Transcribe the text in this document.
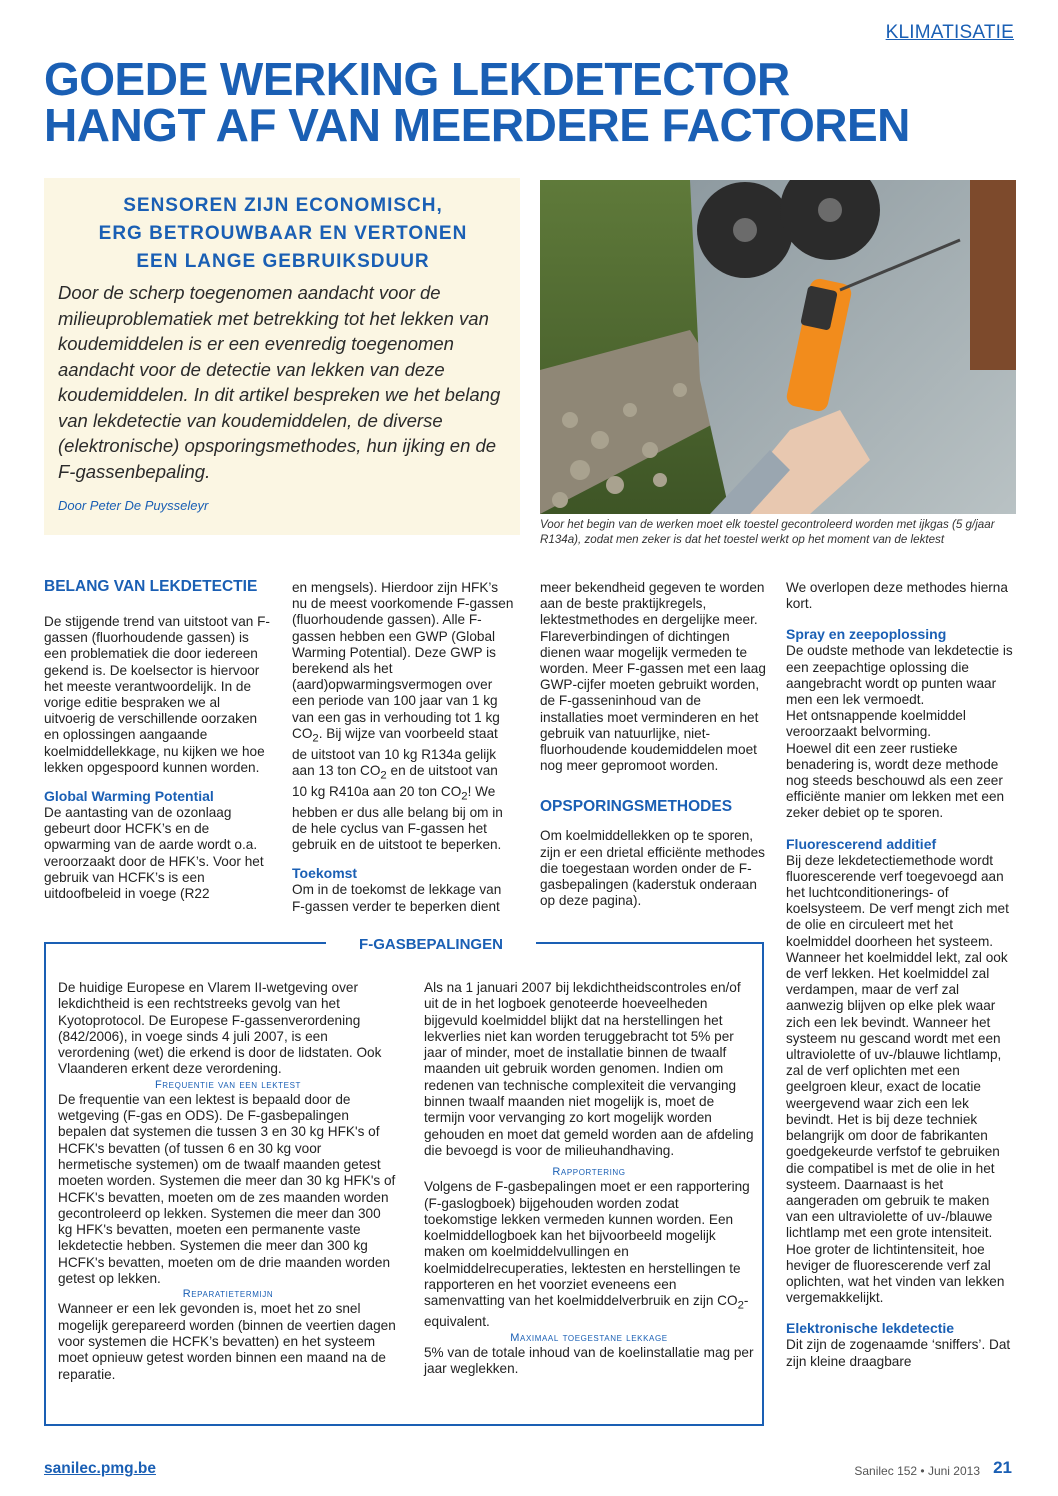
KLIMATISATIE
GOEDE WERKING LEKDETECTOR
HANGT AF VAN MEERDERE FACTOREN
SENSOREN ZIJN ECONOMISCH,
ERG BETROUWBAAR EN VERTONEN
EEN LANGE GEBRUIKSDUUR

Door de scherp toegenomen aandacht voor de milieuproblematiek met betrekking tot het lekken van koudemiddelen is er een evenredig toegenomen aandacht voor de detectie van lekken van deze koudemiddelen. In dit artikel bespreken we het belang van lekdetectie van koudemiddelen, de diverse (elektronische) opsporingsmethodes, hun ijking en de F-gassenbepaling.

Door Peter De Puysseleyr

Voor het begin van de werken moet elk toestel gecontroleerd worden met ijkgas (5 g/jaar R134a), zodat men zeker is dat het toestel werkt op het moment van de lektest

BELANG VAN LEKDETECTIE

De stijgende trend van uitstoot van F-gassen (fluorhoudende gassen) is een problematiek die door iedereen gekend is. De koelsector is hiervoor het meeste verantwoordelijk. In de vorige editie bespraken we al uitvoerig de verschillende oorzaken en oplossingen aangaande koelmiddellekkage, nu kijken we hoe lekken opgespoord kunnen worden.

Global Warming Potential

De aantasting van de ozonlaag gebeurt door HCFK’s en de opwarming van de aarde wordt o.a. veroorzaakt door de HFK’s. Voor het gebruik van HCFK’s is een uitdoofbeleid in voege (R22

en mengsels). Hierdoor zijn HFK’s nu de meest voorkomende F-gassen (fluorhoudende gassen). Alle F-gassen hebben een GWP (Global Warming Potential). Deze GWP is berekend als het (aard)opwarmingsvermogen over een periode van 100 jaar van 1 kg van een gas in verhouding tot 1 kg $CO_2$. Bij wijze van voorbeeld staat de uitstoot van 10 kg R134a gelijk aan 13 ton $CO_2$ en de uitstoot van 10 kg R410a aan 20 ton $CO_2$! We hebben er dus alle belang bij om in de hele cyclus van F-gassen het gebruik en de uitstoot te beperken.

Toekomst

Om in de toekomst de lekkage van F-gassen verder te beperken dient

meer bekendheid gegeven te worden aan de beste praktijkregels, lektestmethodes en dergelijke meer. Flareverbindingen of dichtingen dienen waar mogelijk vermeden te worden. Meer F-gassen met een laag GWP-cijfer moeten gebruikt worden, de F-gasseninhoud van de installaties moet verminderen en het gebruik van natuurlijke, niet-fluorhoudende koudemiddelen moet nog meer gepromoot worden.

OPSPORINGSMETHODES

Om koelmiddellekken op te sporen, zijn er een drietal efficiënte methodes die toegestaan worden onder de F-gasbepalingen (kaderstuk onderaan op deze pagina).

We overlopen deze methodes hierna kort.

Spray en zeepoplossing

De oudste methode van lekdetectie is een zeepachtige oplossing die aangebracht wordt op punten waar men een lek vermoedt.

Het ontsnappende koelmiddel veroorzaakt belvorming.

Hoewel dit een zeer rustieke benadering is, wordt deze methode nog steeds beschouwd als een zeer efficiënte manier om lekken met een zeker debiet op te sporen.

Fluorescerend additief

Bij deze lekdetectiemethode wordt fluorescerende verf toegevoegd aan het luchtconditionerings- of koelsysteem. De verf mengt zich met de olie en circuleert met het koelmiddel doorheen het systeem. Wanneer het koelmiddel lekt, zal ook de verf lekken. Het koelmiddel zal verdampen, maar de verf zal aanwezig blijven op elke plek waar zich een lek bevindt. Wanneer het systeem nu gescand wordt met een ultraviolette of uv-/blauwe lichtlamp, zal de verf oplichten met een geelgroen kleur, exact de locatie weergevend waar zich een lek bevindt. Het is bij deze techniek belangrijk om door de fabrikanten goedgekeurde verfstof te gebruiken die compatibel is met de olie in het systeem. Daarnaast is het aangeraden om gebruik te maken van een ultraviolette of uv-/blauwe lichtlamp met een grote intensiteit. Hoe groter de lichtintensiteit, hoe heviger de fluorescerende verf zal oplichten, wat het vinden van lekken vergemakkelijkt.

Elektronische lekdetectie

Dit zijn de zogenaamde ‘sniffers’. Dat zijn kleine draagbare

F-GASBEPALINGEN

De huidige Europese en Vlarem II-wetgeving over lekdichtheid is een rechtstreeks gevolg van het Kyotoprotocol. De Europese F-gassenverordening (842/2006), in voege sinds 4 juli 2007, is een verordening (wet) die erkend is door de lidstaten. Ook Vlaanderen erkent deze verordening.

Frequentie van een lektest

De frequentie van een lektest is bepaald door de wetgeving (F-gas en ODS). De F-gasbepalingen bepalen dat systemen die tussen 3 en 30 kg HFK's of HCFK's bevatten (of tussen 6 en 30 kg voor hermetische systemen) om de twaalf maanden getest moeten worden. Systemen die meer dan 30 kg HFK's of HCFK's bevatten, moeten om de zes maanden worden gecontroleerd op lekken. Systemen die meer dan 300 kg HFK's bevatten, moeten een permanente vaste lekdetectie hebben. Systemen die meer dan 300 kg HCFK's bevatten, moeten om de drie maanden worden getest op lekken.

Reparatietermijn

Wanneer er een lek gevonden is, moet het zo snel mogelijk gerepareerd worden (binnen de veertien dagen voor systemen die HCFK’s bevatten) en het systeem moet opnieuw getest worden binnen een maand na de reparatie.

Als na 1 januari 2007 bij lekdichtheidscontroles en/of uit de in het logboek genoteerde hoeveelheden bijgevuld koelmiddel blijkt dat na herstellingen het lekverlies niet kan worden teruggebracht tot 5% per jaar of minder, moet de installatie binnen de twaalf maanden uit gebruik worden genomen. Indien om redenen van technische complexiteit die vervanging binnen twaalf maanden niet mogelijk is, moet de termijn voor vervanging zo kort mogelijk worden gehouden en moet dat gemeld worden aan de afdeling die bevoegd is voor de milieuhandhaving.

Rapportering

Volgens de F-gasbepalingen moet er een rapportering (F-gaslogboek) bijgehouden worden zodat toekomstige lekken vermeden kunnen worden. Een koelmiddellogboek kan het bijvoorbeeld mogelijk maken om koelmiddelvullingen en koelmiddelrecuperaties, lektesten en herstellingen te rapporteren en het voorziet eveneens een samenvatting van het koelmiddelverbruik en zijn $CO_2$-equivalent.

Maximaal toegestane lekkage

5% van de totale inhoud van de koelinstallatie mag per jaar weglekken.

sanilec.pmg.be	Sanilec 152 • Juni 2013 21
